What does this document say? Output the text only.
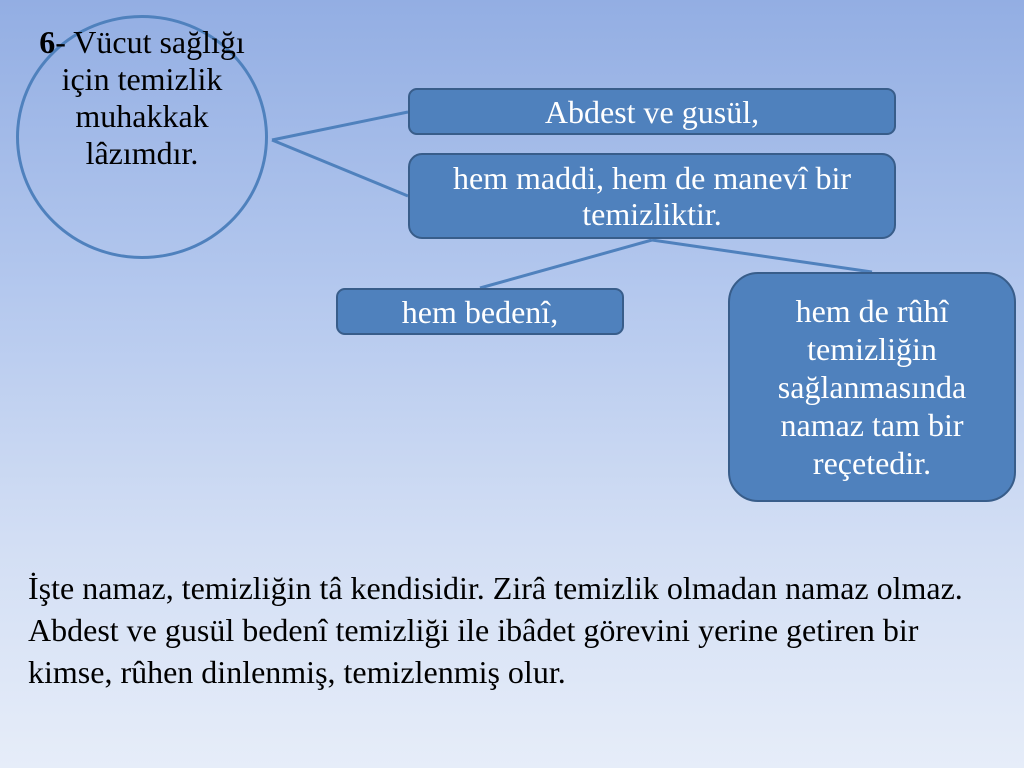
6- Vücut sağlığı için temizlik muhakkak lâzımdır.
Abdest ve gusül,
hem maddi, hem de manevî bir temizliktir.
hem bedenî,	hem de rûhî temizliğin sağlanmasında namaz tam bir reçetedir.
İşte namaz, temizliğin tâ kendisidir. Zirâ temizlik olmadan namaz olmaz. Abdest ve gusül bedenî temizliği ile ibâdet görevini yerine getiren bir kimse, rûhen dinlenmiş, temizlenmiş olur.
